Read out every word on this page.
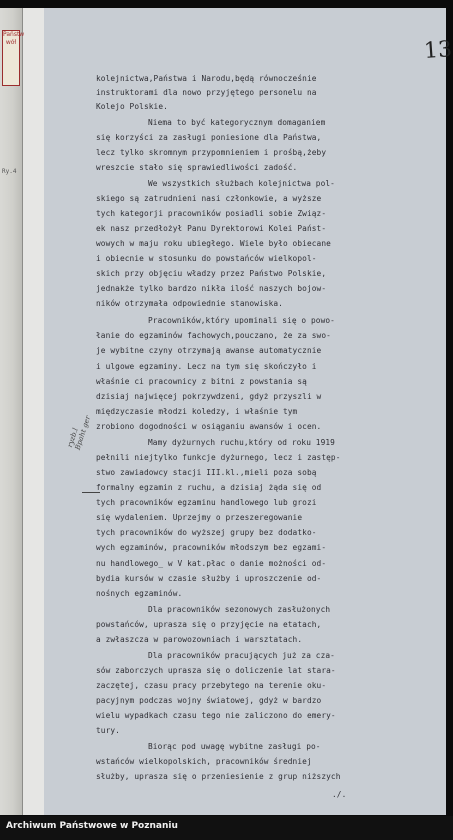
Państw wół
Ry.4
13
kolejnictwa,Państwa i Narodu,będą równocześnie
instruktorami dla nowo przyjętego personelu na
Kolejo Polskie.
Niema to być kategorycznym domaganiem
się korzyści za zasługi poniesione dla Państwa,
lecz tylko skromnym przypomnieniem i prośbą,żeby
wreszcie stało się sprawiedliwości zadość.
We wszystkich służbach kolejnictwa pol-
skiego są zatrudnieni nasi członkowie, a wyższe
tych kategorji pracowników posiadli sobie Związ-
ek nasz przedłożył Panu Dyrektorowi Kolei Państ-
wowych w maju roku ubiegłego. Wiele było obiecane
i obiecnie w stosunku do powstańców wielkopol-
skich przy objęciu władzy przez Państwo Polskie,
jednakże tylko bardzo nikła ilość naszych bojow-
ników otrzymała odpowiednie stanowiska.
Pracowników,który upominali się o powo-
łanie do egzaminów fachowych,pouczano, że za swo-
je wybitne czyny otrzymają awanse automatycznie
i ulgowe egzaminy. Lecz na tym się skończyło i
właśnie ci pracownicy z bitni z powstania są
dzisiaj najwięcej pokrzywdzeni, gdyż przyszli w
międzyczasie młodzi koledzy, i właśnie tym
zrobiono dogodności w osiąganiu awansów i ocen.
Mamy dyżurnych ruchu,który od roku 1919
pełnili niejtylko funkcje dyżurnego, lecz i zastęp-
stwo zawiadowcy stacji III.kl.,mieli poza sobą
formalny egzamin z ruchu, a dzisiaj żąda się od
tych pracowników egzaminu handlowego lub grozi
się wydaleniem. Uprzejmy o przeszeregowanie
tych pracowników do wyższej grupy bez dodatko-
wych egzaminów, pracowników młodszym bez egzami-
nu handlowego_ w V kat.płac o danie możności od-
bydia kursów w czasie służby i uproszczenie od-
nośnych egzaminów.
Dla pracowników sezonowych zasłużonych
powstańców, uprasza się o przyjęcie na etatach,
a zwłaszcza w parowozowniach i warsztatach.
Dla pracowników pracujących już za cza-
sów zaborczych uprasza się o doliczenie lat stara-
zaczętej, czasu pracy przebytego na terenie oku-
pacyjnym podczas wojny światowej, gdyż w bardzo
wielu wypadkach czasu tego nie zaliczono do emery-
tury.
Biorąc pod uwagę wybitne zasługi po-
wstańców wielkopolskich, pracowników średniej
służby, uprasza się o przeniesienie z grup niższych
./.
ryzb.l Bpaht ger
Archiwum Państwowe w Poznaniu
